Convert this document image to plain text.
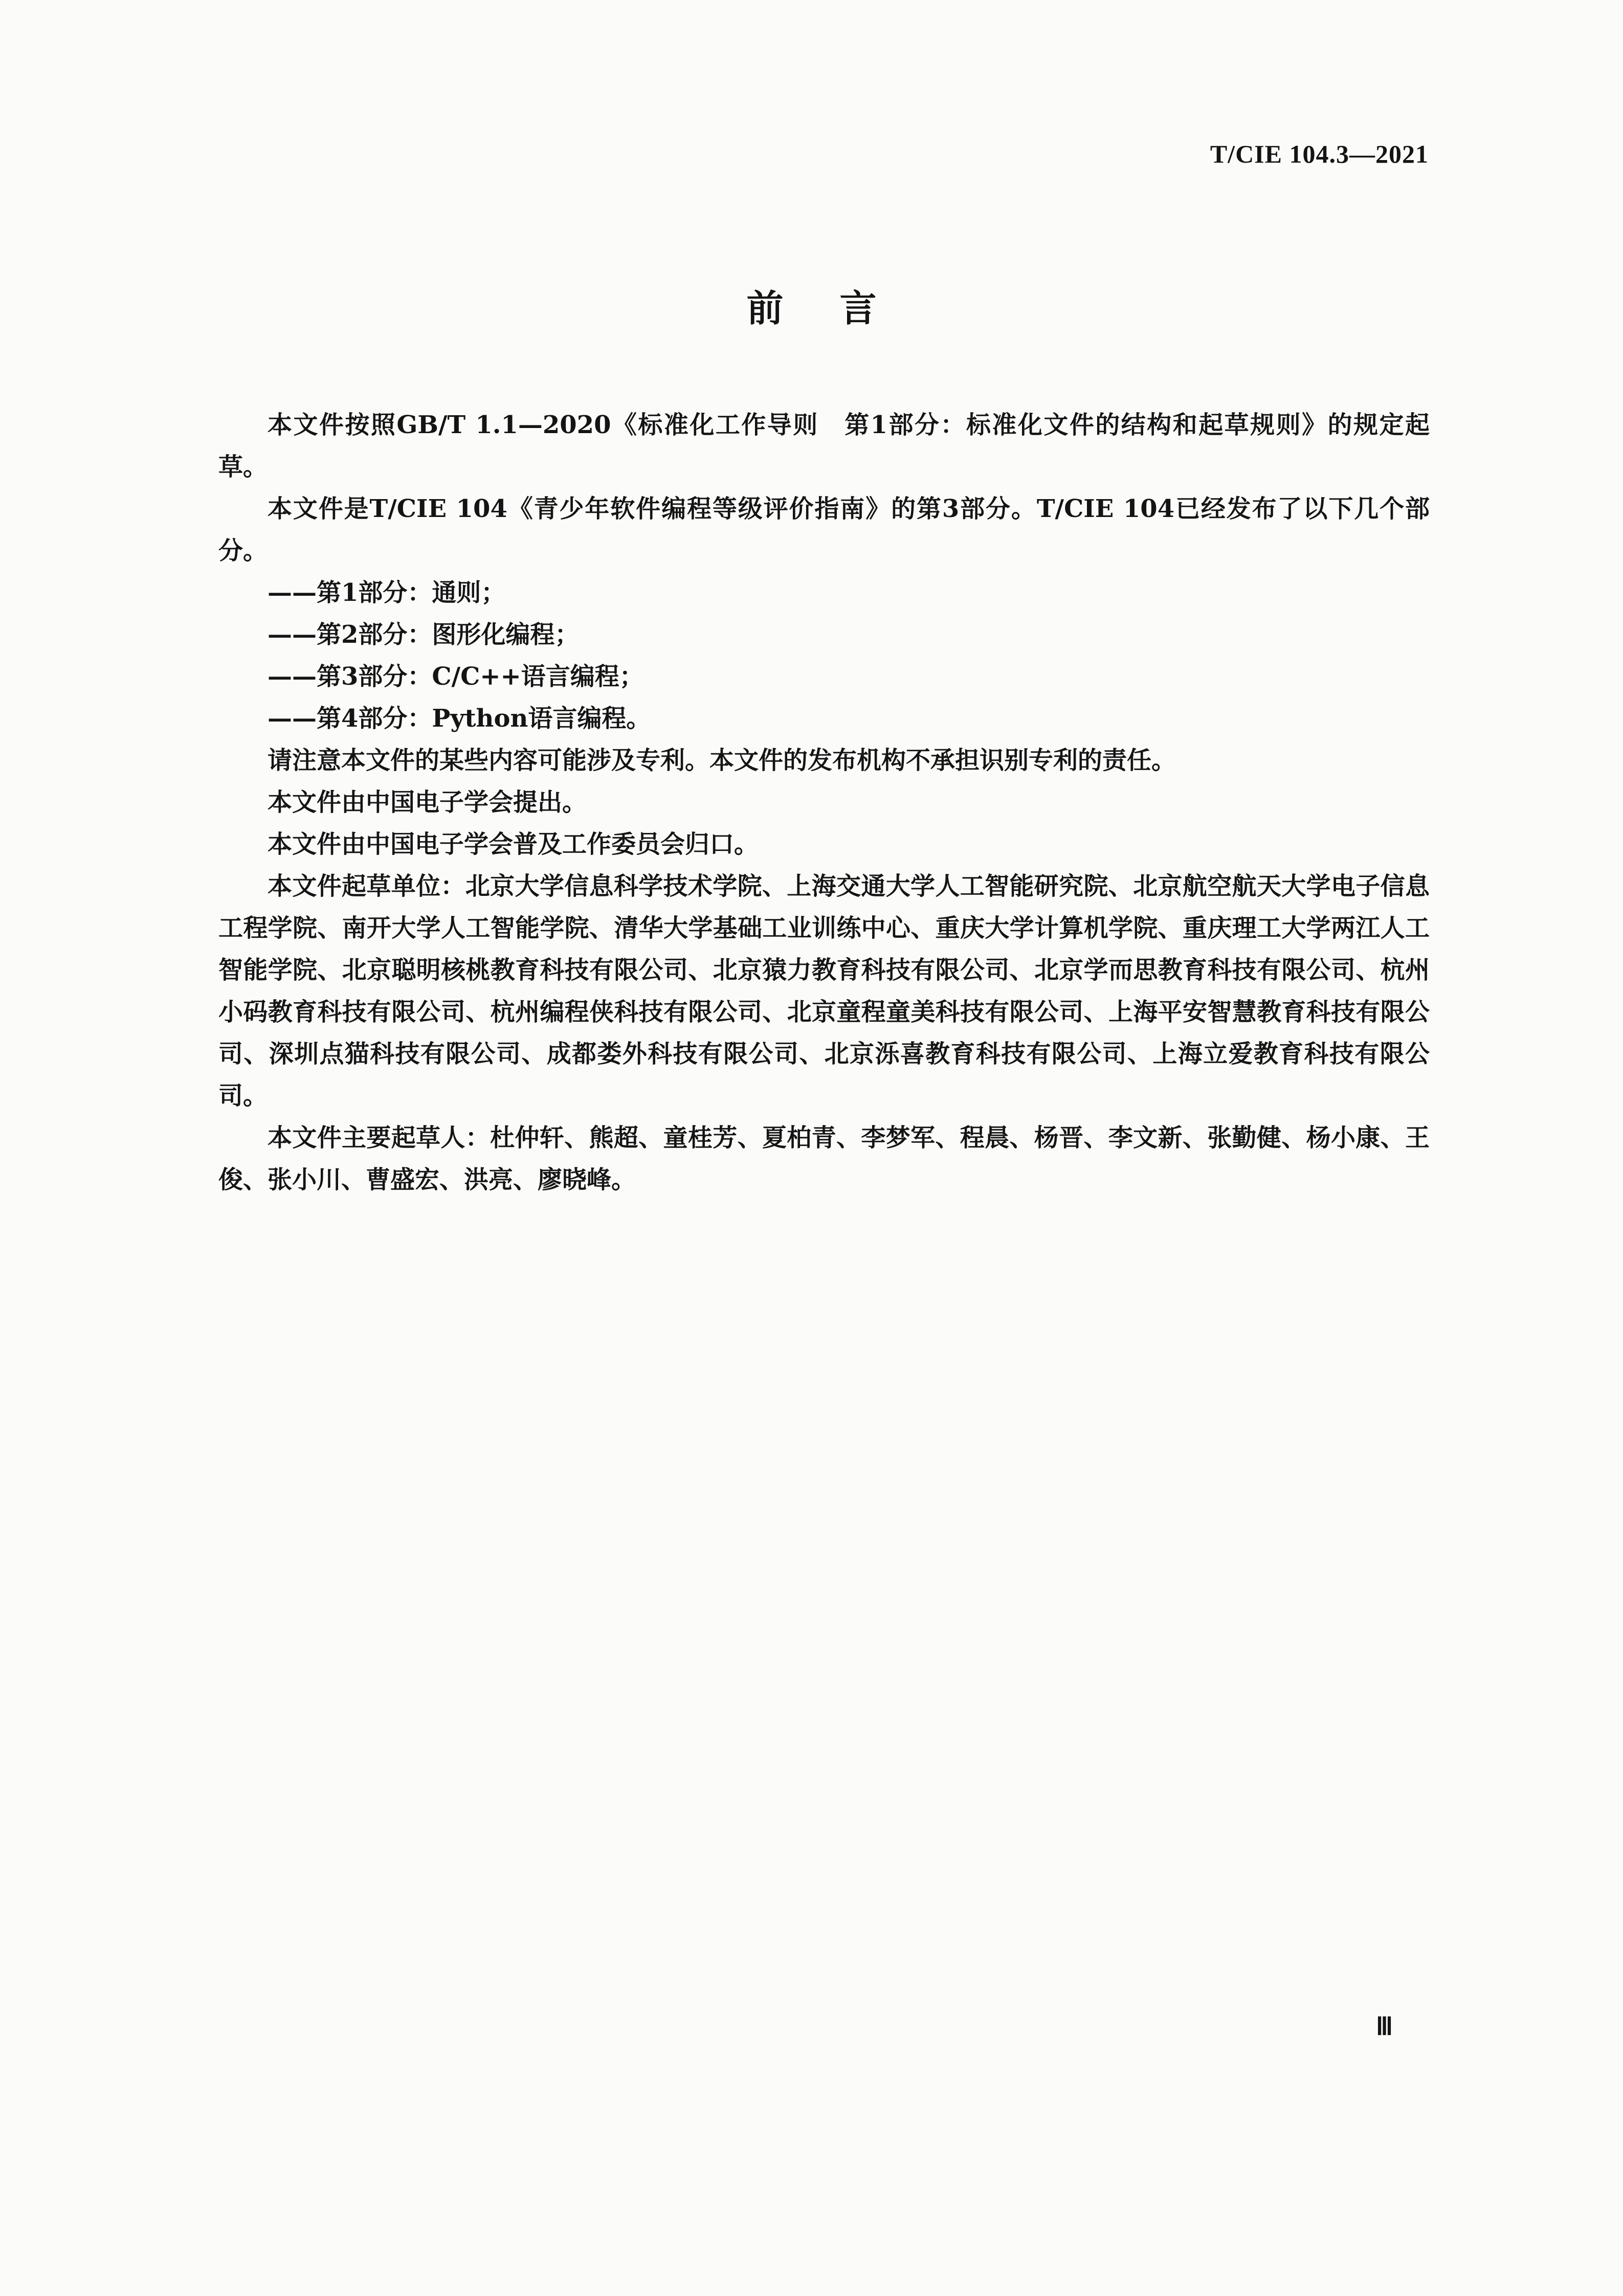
T/CIE 104.3—2021
前言

本文件按照GB/T 1.1—2020《标准化工作导则　第1部分：标准化文件的结构和起草规则》的规定起草。

本文件是T/CIE 104《青少年软件编程等级评价指南》的第3部分。T/CIE 104已经发布了以下几个部分。

——第1部分：通则；

——第2部分：图形化编程；

——第3部分：C/C++语言编程；

——第4部分：Python语言编程。

请注意本文件的某些内容可能涉及专利。本文件的发布机构不承担识别专利的责任。

本文件由中国电子学会提出。

本文件由中国电子学会普及工作委员会归口。

本文件起草单位：北京大学信息科学技术学院、上海交通大学人工智能研究院、北京航空航天大学电子信息工程学院、南开大学人工智能学院、清华大学基础工业训练中心、重庆大学计算机学院、重庆理工大学两江人工智能学院、北京聪明核桃教育科技有限公司、北京猿力教育科技有限公司、北京学而思教育科技有限公司、杭州小码教育科技有限公司、杭州编程侠科技有限公司、北京童程童美科技有限公司、上海平安智慧教育科技有限公司、深圳点猫科技有限公司、成都娄外科技有限公司、北京泺喜教育科技有限公司、上海立爱教育科技有限公司。

本文件主要起草人：杜仲轩、熊超、童桂芳、夏柏青、李梦军、程晨、杨晋、李文新、张勤健、杨小康、王俊、张小川、曹盛宏、洪亮、廖晓峰。

Ⅲ
